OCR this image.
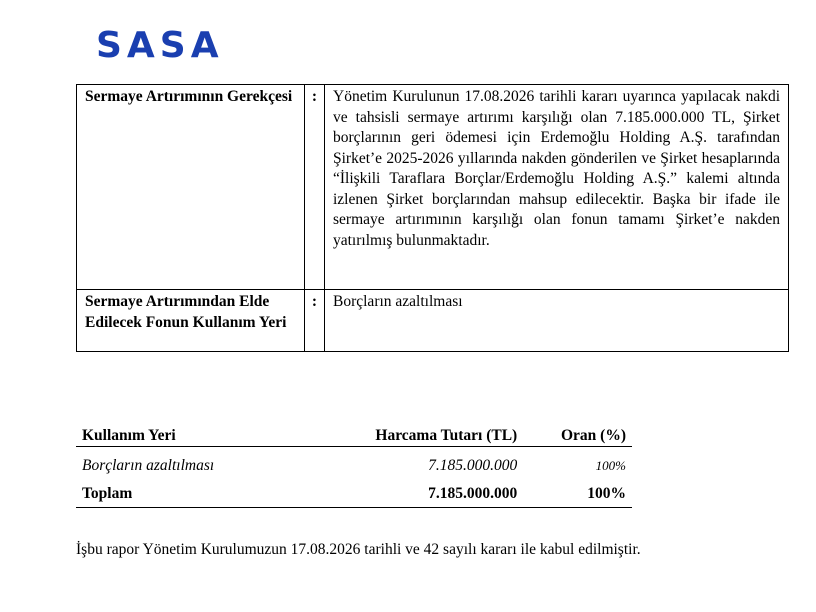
SASA
Sermaye Artırımının Gerekçesi	:	Yönetim Kurulunun 17.08.2026 tarihli kararı uyarınca yapılacak nakdi ve tahsisli sermaye artırımı karşılığı olan 7.185.000.000 TL, Şirket borçlarının geri ödemesi için Erdemoğlu Holding A.Ş. tarafından Şirket’e 2025-2026 yıllarında nakden gönderilen ve Şirket hesaplarında “İlişkili Taraflara Borçlar/Erdemoğlu Holding A.Ş.” kalemi altında izlenen Şirket borçlarından mahsup edilecektir. Başka bir ifade ile sermaye artırımının karşılığı olan fonun tamamı Şirket’e nakden yatırılmış bulunmaktadır.
Sermaye Artırımından Elde Edilecek Fonun Kullanım Yeri	:	Borçların azaltılması
Kullanım Yeri	Harcama Tutarı (TL)	Oran (%)
Borçların azaltılması	7.185.000.000	100%
Toplam	7.185.000.000	100%
İşbu rapor Yönetim Kurulumuzun 17.08.2026 tarihli ve 42 sayılı kararı ile kabul edilmiştir.
